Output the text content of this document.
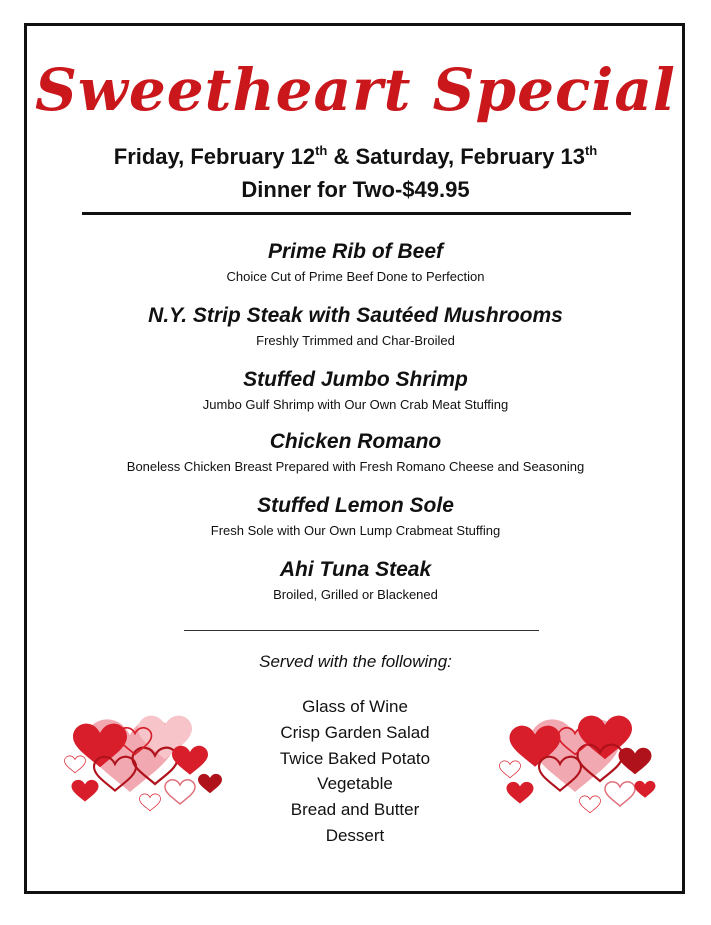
Sweetheart Special
Friday, February 12th & Saturday, February 13th
Dinner for Two-$49.95
Prime Rib of Beef
Choice Cut of Prime Beef Done to Perfection
N.Y. Strip Steak with Sautéed Mushrooms
Freshly Trimmed and Char-Broiled
Stuffed Jumbo Shrimp
Jumbo Gulf Shrimp with Our Own Crab Meat Stuffing
Chicken Romano
Boneless Chicken Breast Prepared with Fresh Romano Cheese and Seasoning
Stuffed Lemon Sole
Fresh Sole with Our Own Lump Crabmeat Stuffing
Ahi Tuna Steak
Broiled, Grilled or Blackened
Served with the following:
Glass of Wine
Crisp Garden Salad
Twice Baked Potato
Vegetable
Bread and Butter
Dessert
